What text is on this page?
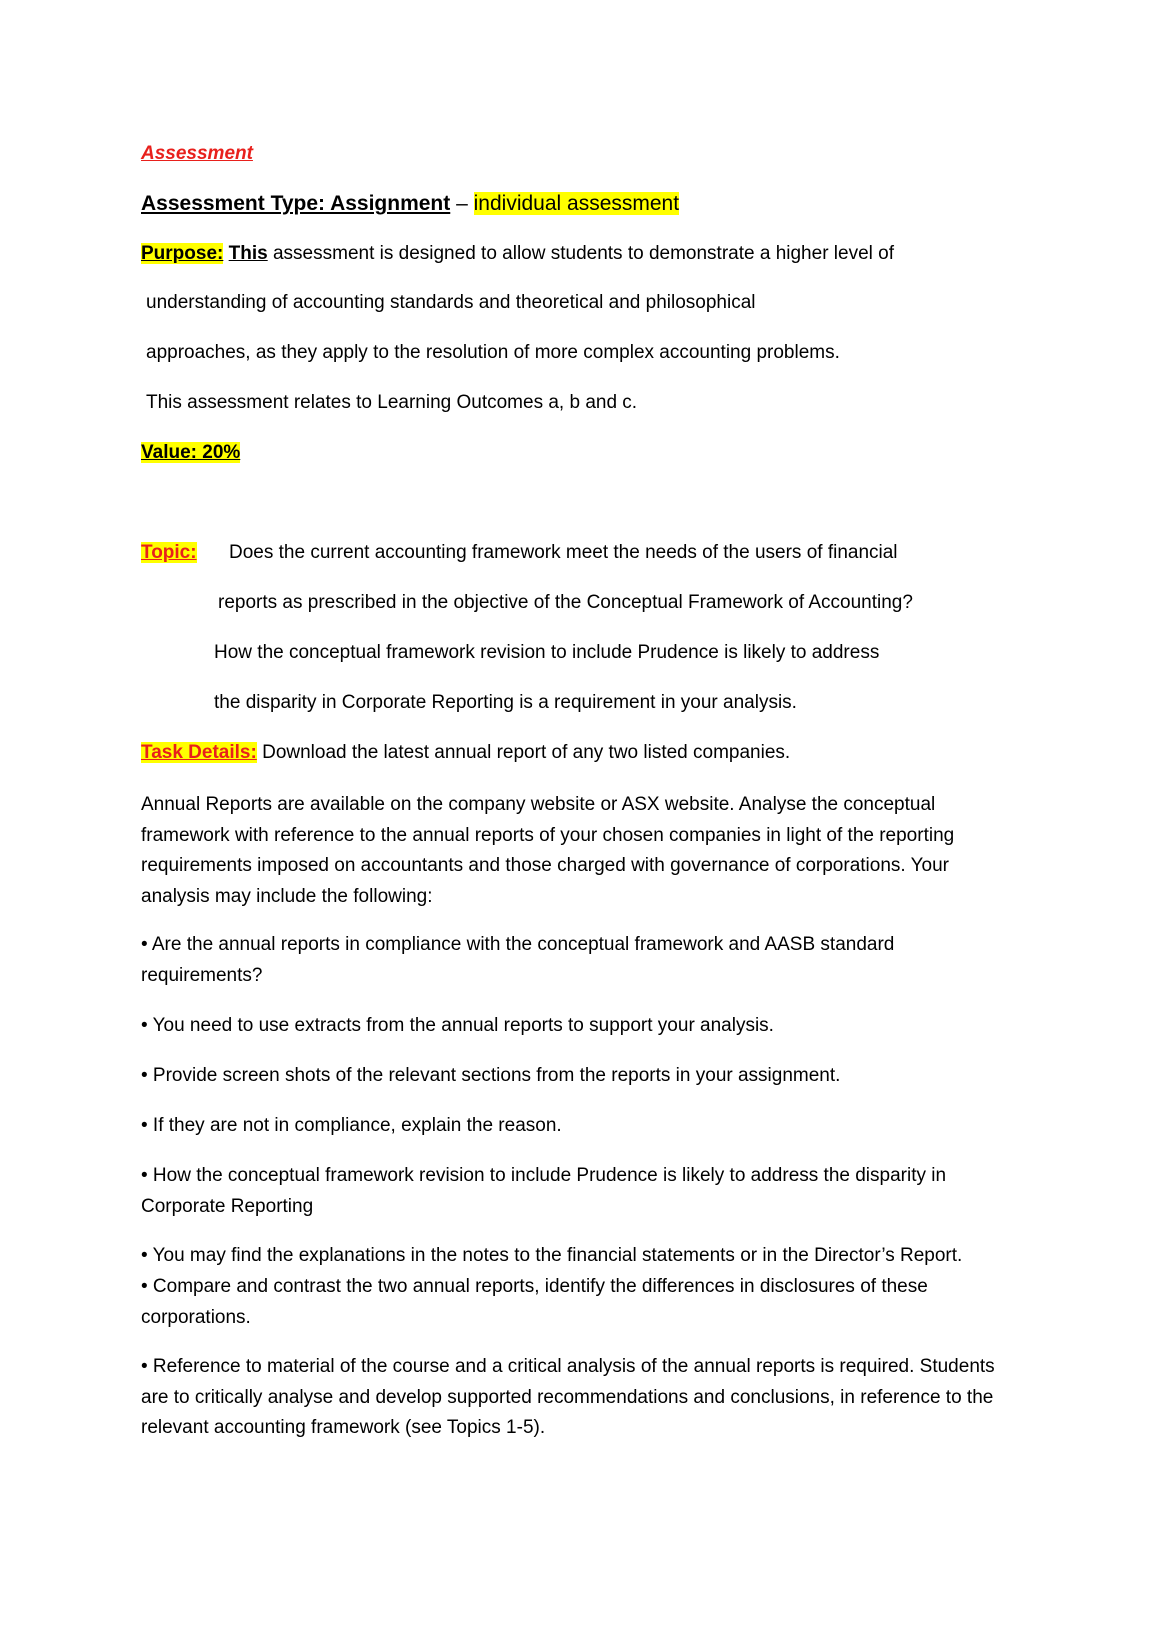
Assessment
Assessment Type: Assignment – individual assessment
Purpose: This assessment is designed to allow students to demonstrate a higher level of
understanding of accounting standards and theoretical and philosophical
approaches, as they apply to the resolution of more complex accounting problems.
This assessment relates to Learning Outcomes a, b and c.
Value: 20%
Topic: Does the current accounting framework meet the needs of the users of financial
reports as prescribed in the objective of the Conceptual Framework of Accounting?
How the conceptual framework revision to include Prudence is likely to address
the disparity in Corporate Reporting is a requirement in your analysis.
Task Details: Download the latest annual report of any two listed companies.
Annual Reports are available on the company website or ASX website. Analyse the conceptual framework with reference to the annual reports of your chosen companies in light of the reporting requirements imposed on accountants and those charged with governance of corporations. Your analysis may include the following:
• Are the annual reports in compliance with the conceptual framework and AASB standard requirements?
• You need to use extracts from the annual reports to support your analysis.
• Provide screen shots of the relevant sections from the reports in your assignment.
• If they are not in compliance, explain the reason.
• How the conceptual framework revision to include Prudence is likely to address the disparity in Corporate Reporting
• You may find the explanations in the notes to the financial statements or in the Director’s Report.
• Compare and contrast the two annual reports, identify the differences in disclosures of these corporations.
• Reference to material of the course and a critical analysis of the annual reports is required. Students are to critically analyse and develop supported recommendations and conclusions, in reference to the relevant accounting framework (see Topics 1-5).
